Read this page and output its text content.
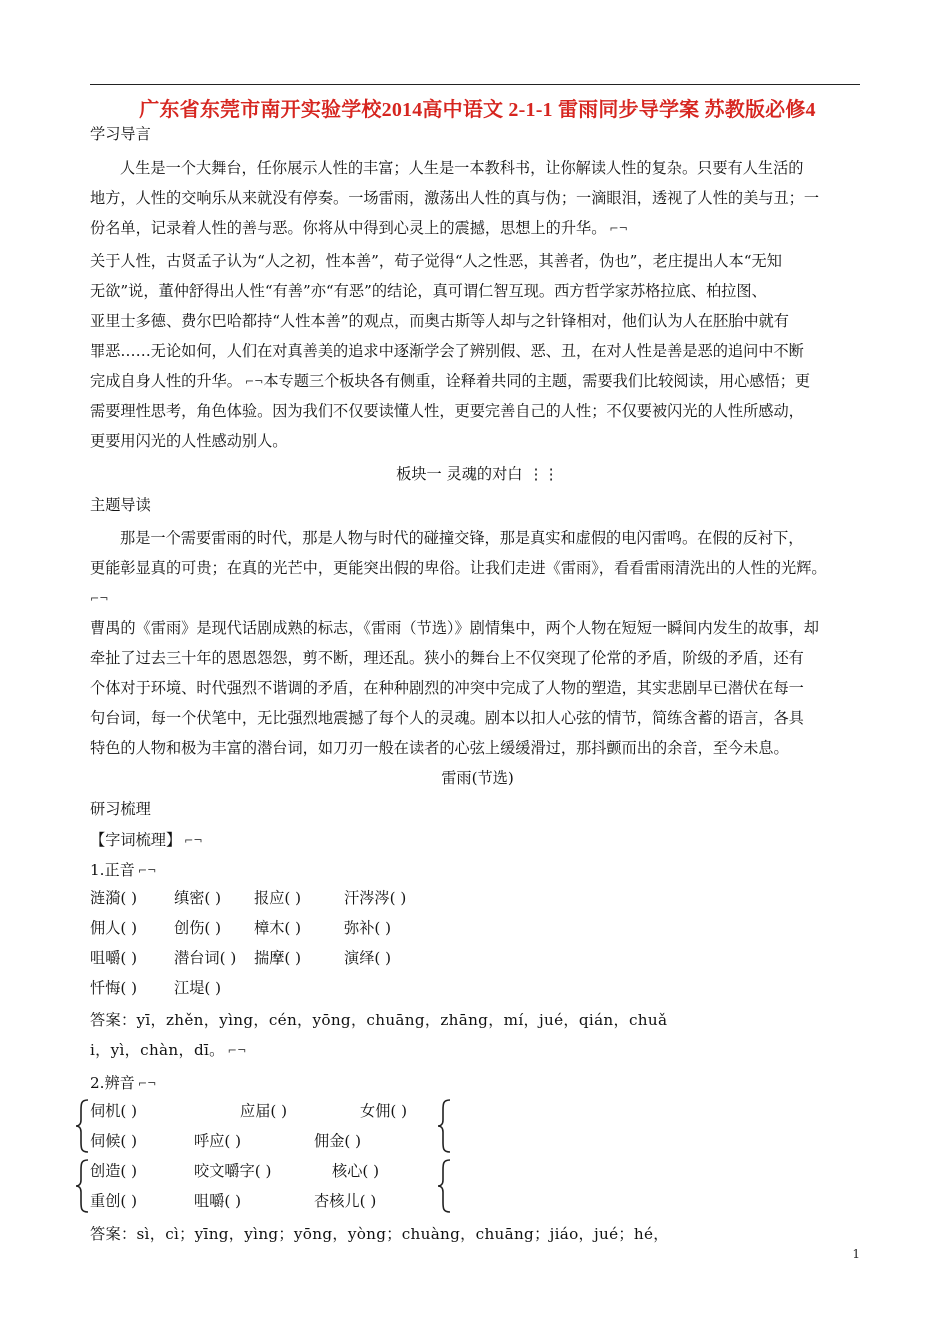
广东省东莞市南开实验学校2014高中语文 2-1-1 雷雨同步导学案 苏教版必修4
学习导言
人生是一个大舞台，任你展示人性的丰富；人生是一本教科书，让你解读人性的复杂。只要有人生活的
地方，人性的交响乐从来就没有停奏。一场雷雨，激荡出人性的真与伪；一滴眼泪，透视了人性的美与丑；一
份名单，记录着人性的善与恶。你将从中得到心灵上的震撼，思想上的升华。 ⌐¬
关于人性，古贤孟子认为“人之初，性本善”，荀子觉得“人之性恶，其善者，伪也”，老庄提出人本“无知
无欲”说，董仲舒得出人性“有善”亦“有恶”的结论，真可谓仁智互现。西方哲学家苏格拉底、柏拉图、
亚里士多德、费尔巴哈都持“人性本善”的观点，而奥古斯等人却与之针锋相对，他们认为人在胚胎中就有
罪恶……无论如何，人们在对真善美的追求中逐渐学会了辨别假、恶、丑，在对人性是善是恶的追问中不断
完成自身人性的升华。 ⌐¬本专题三个板块各有侧重，诠释着共同的主题，需要我们比较阅读，用心感悟；更
需要理性思考，角色体验。因为我们不仅要读懂人性，更要完善自己的人性；不仅要被闪光的人性所感动，
更要用闪光的人性感动别人。
板块一 灵魂的对白 ⋮⋮
主题导读
那是一个需要雷雨的时代，那是人物与时代的碰撞交锋，那是真实和虚假的电闪雷鸣。在假的反衬下，
更能彰显真的可贵；在真的光芒中，更能突出假的卑俗。让我们走进《雷雨》，看看雷雨清洗出的人性的光辉。
⌐¬
曹禺的《雷雨》是现代话剧成熟的标志，《雷雨（节选）》剧情集中，两个人物在短短一瞬间内发生的故事，却
牵扯了过去三十年的恩恩怨怨，剪不断，理还乱。狭小的舞台上不仅突现了伦常的矛盾，阶级的矛盾，还有
个体对于环境、时代强烈不谐调的矛盾，在种种剧烈的冲突中完成了人物的塑造，其实悲剧早已潜伏在每一
句台词，每一个伏笔中，无比强烈地震撼了每个人的灵魂。剧本以扣人心弦的情节，简练含蓄的语言，各具
特色的人物和极为丰富的潜台词，如刀刃一般在读者的心弦上缓缓滑过，那抖颤而出的余音，至今未息。
雷雨(节选)
研习梳理
【字词梳理】 ⌐¬
1.正音 ⌐¬
涟漪( ) 缜密( ) 报应( )	汗涔涔( )
佣人( ) 创伤( ) 樟木( )	弥补( )
咀嚼( ) 潜台词( ) 揣摩( )	演绎( )
忏悔( ) 江堤( )
答案：yī，zhěn，yìng，cén，yōng，chuāng，zhāng，mí，jué，qián，chuǎ
i，yì，chàn，dī。 ⌐¬
2.辨音 ⌐¬
伺机( )	应届( )	女佣( )
伺候( )	呼应( )	佣金( )
创造( )	咬文嚼字( )	核心( )
重创( )	咀嚼( )	杏核儿( )
答案：sì，cì；yīng，yìng；yōng，yòng；chuàng，chuāng；jiáo，jué；hé，
1
